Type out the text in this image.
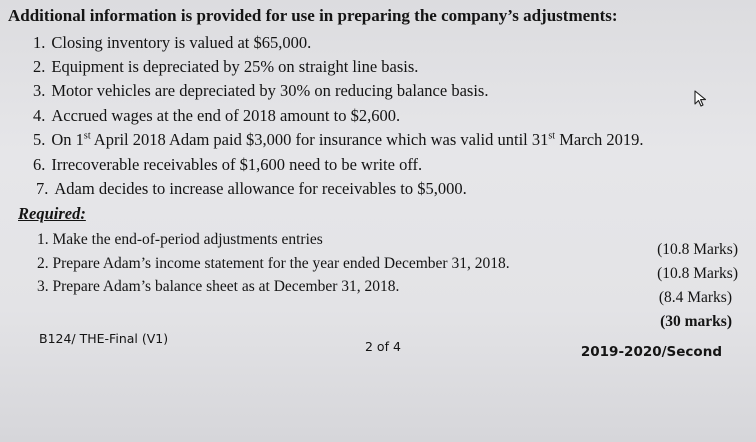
Additional information is provided for use in preparing the company’s adjustments:
1. Closing inventory is valued at $65,000.
2. Equipment is depreciated by 25% on straight line basis.
3. Motor vehicles are depreciated by 30% on reducing balance basis.
4. Accrued wages at the end of 2018 amount to $2,600.
5. On 1st April 2018 Adam paid $3,000 for insurance which was valid until 31st March 2019.
6. Irrecoverable receivables of $1,600 need to be write off.
7. Adam decides to increase allowance for receivables to $5,000.
Required:
1. Make the end-of-period adjustments entries
2. Prepare Adam’s income statement for the year ended December 31, 2018.
3. Prepare Adam’s balance sheet as at December 31, 2018.
(10.8 Marks)
(10.8 Marks)
(8.4 Marks)
(30 marks)
B124/ THE-Final (V1)
2 of 4	2019-2020/Second
